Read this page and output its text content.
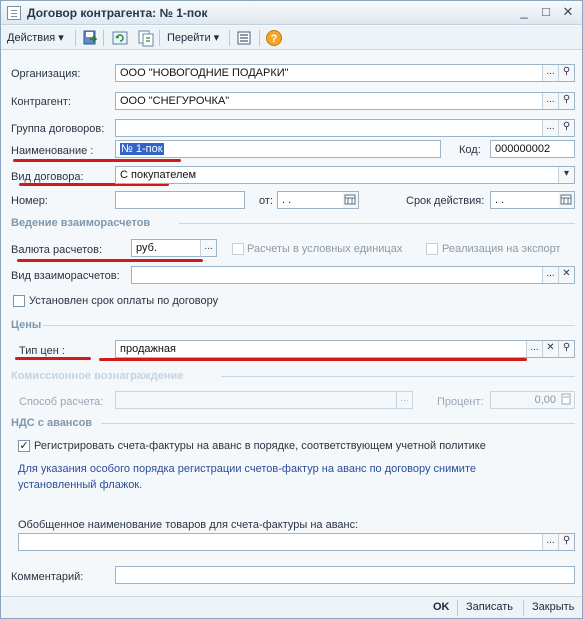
Договор контрагента: № 1-пок	_	□ ✕
Действия ▾	Перейти ▾	?
Организация:	ООО "НОВОГОДНИЕ ПОДАРКИ"	... ⚲
Контрагент:	ООО "СНЕГУРОЧКА"	... ⚲
Группа договоров:	... ⚲
Наименование :	№ 1-пок	Код:	000000002
Вид договора:	С покупателем	▾
Номер:	от: . .	Срок действия: . .
Ведение взаиморасчетов
Валюта расчетов:	руб.	...	Расчеты в условных единицах	Реализация на экспорт
Вид взаиморасчетов:	... ✕
Установлен срок оплаты по договору
Цены
Тип цен :	продажная	... ✕ ⚲
Комиссионное вознаграждение
Способ расчета:	...	Процент:	0,00
НДС с авансов
✓ Регистрировать счета-фактуры на аванс в порядке, соответствующем учетной политике
Для указания особого порядка регистрации счетов-фактур на аванс по договору снимите установленный флажок.
Обобщенное наименование товаров для счета-фактуры на аванс:
... ⚲
Комментарий:
OK Записать Закрыть
